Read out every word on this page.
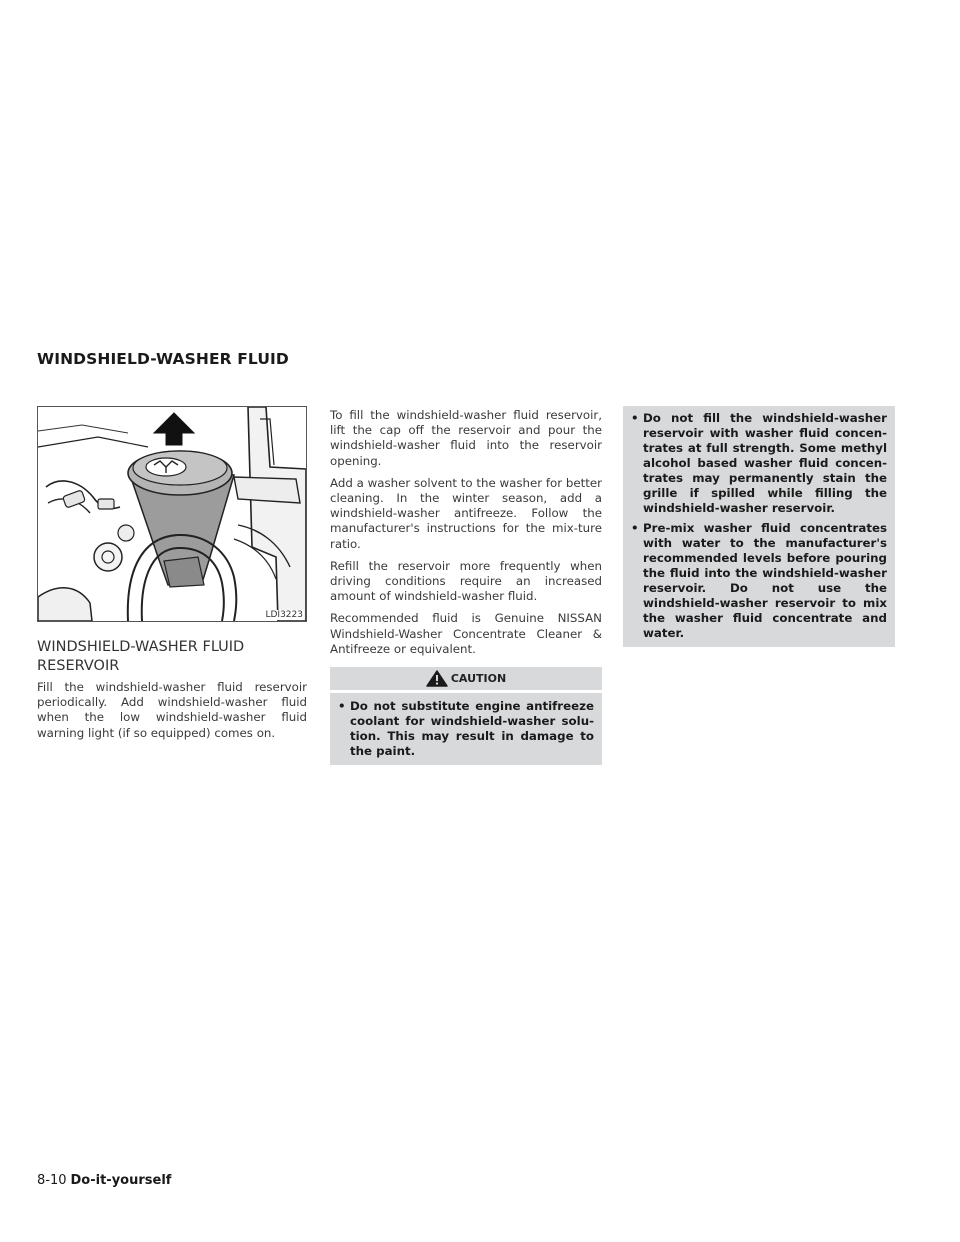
WINDSHIELD-WASHER FLUID
LDI3223
WINDSHIELD-WASHER FLUID RESERVOIR

Fill the windshield-washer fluid reservoir periodically. Add windshield-washer fluid when the low windshield-washer fluid warning light (if so equipped) comes on.

To fill the windshield-washer fluid reservoir, lift the cap off the reservoir and pour the windshield-washer fluid into the reservoir opening.

Add a washer solvent to the washer for better cleaning. In the winter season, add a windshield-washer antifreeze. Follow the manufacturer's instructions for the mix-ture ratio.

Refill the reservoir more frequently when driving conditions require an increased amount of windshield-washer fluid.

Recommended fluid is Genuine NISSAN Windshield-Washer Concentrate Cleaner & Antifreeze or equivalent.

CAUTION
• Do not substitute engine antifreeze coolant for windshield-washer solu-tion. This may result in damage to the paint.
• Do not fill the windshield-washer reservoir with washer fluid concen-trates at full strength. Some methyl alcohol based washer fluid concen-trates may permanently stain the grille if spilled while filling the windshield-washer reservoir.
• Pre-mix washer fluid concentrates with water to the manufacturer's recommended levels before pouring the fluid into the windshield-washer reservoir. Do not use the windshield-washer reservoir to mix the washer fluid concentrate and water.
8-10 Do-it-yourself
